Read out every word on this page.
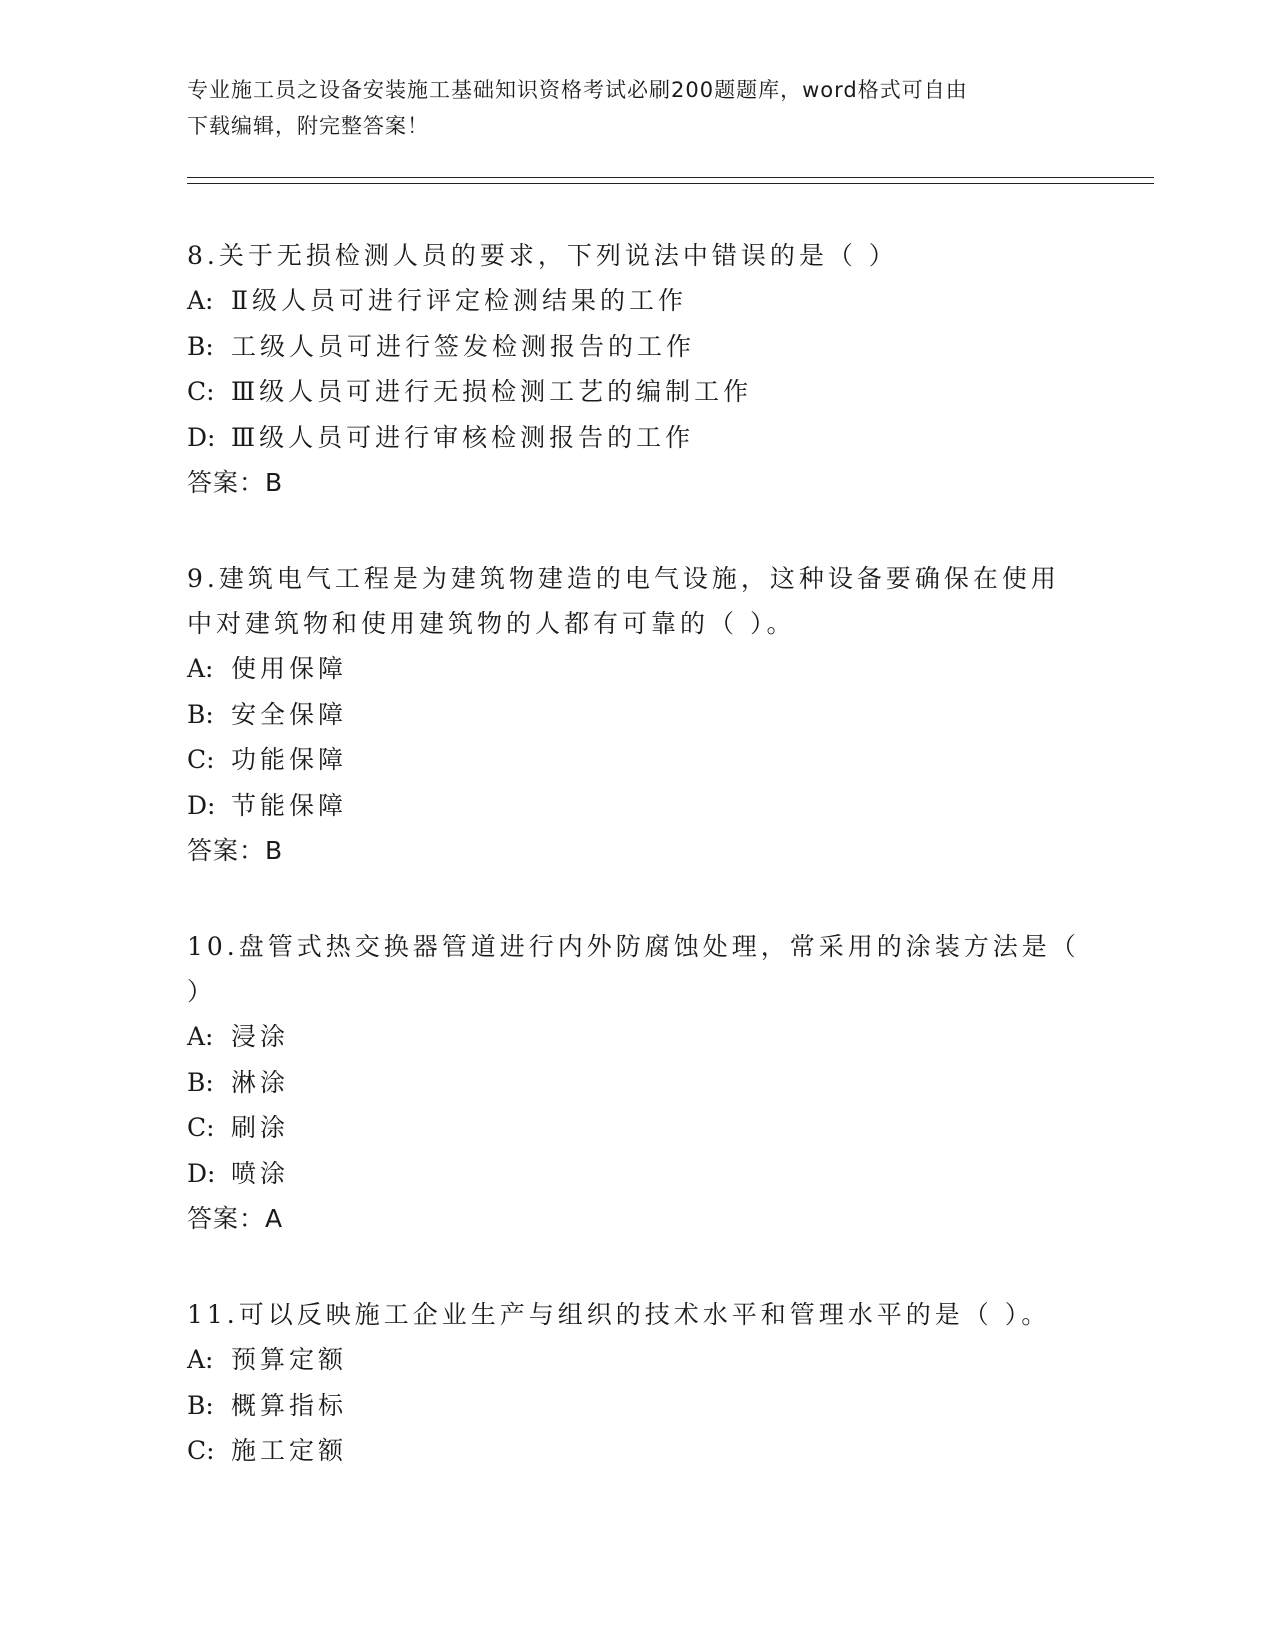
专业施工员之设备安装施工基础知识资格考试必刷200题题库，word格式可自由
下载编辑，附完整答案！

8.关于无损检测人员的要求，下列说法中错误的是（ ）

A: Ⅱ级人员可进行评定检测结果的工作

B: 工级人员可进行签发检测报告的工作

C: Ⅲ级人员可进行无损检测工艺的编制工作

D: Ⅲ级人员可进行审核检测报告的工作

答案：B

9.建筑电气工程是为建筑物建造的电气设施，这种设备要确保在使用

中对建筑物和使用建筑物的人都有可靠的（ ）。

A: 使用保障

B: 安全保障

C: 功能保障

D: 节能保障

答案：B

10.盘管式热交换器管道进行内外防腐蚀处理，常采用的涂装方法是（

）

A: 浸涂

B: 淋涂

C: 刷涂

D: 喷涂

答案：A

11.可以反映施工企业生产与组织的技术水平和管理水平的是（ ）。

A: 预算定额

B: 概算指标

C: 施工定额
